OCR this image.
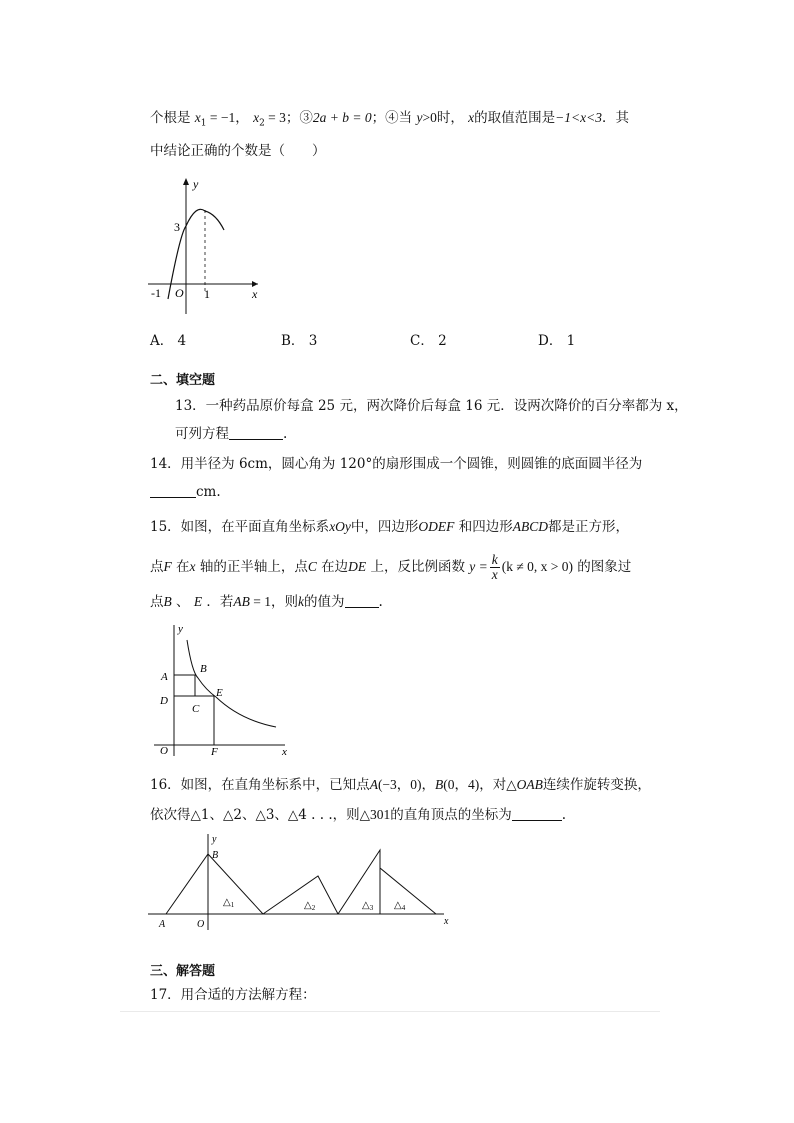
个根是 $x_1 = -1$， $x_2 = 3$；③2a + b = 0；④当 y>0时， x的取值范围是−1<x<3．其
中结论正确的个数是（　　）
y
x
3
-1 O 1
A． 4	B． 3	C． 2	D． 1
二、填空题
13．一种药品原价每盒 25 元，两次降价后每盒 16 元．设两次降价的百分率都为 x，
可列方程	.
14．用半径为 6cm，圆心角为 120°的扇形围成一个圆锥，则圆锥的底面圆半径为
cm.
15．如图，在平面直角坐标系xOy中，四边形ODEF 和四边形ABCD都是正方形，
点F 在x 轴的正半轴上，点C 在边DE 上，反比例函数 $y = \frac{k}{x} (k \ne 0$, x > 0) 的图象过
点B 、 E ．若AB = 1，则k的值为	.
y
x
O
A
B
C
D
E
F
16．如图，在直角坐标系中，已知点A(−3，0)，B(0，4)，对△OAB连续作旋转变换，
依次得△1、△2、△3、△4 . . .，则△301的直角顶点的坐标为	.
y
x
A	O
B
$\triangle_1$	$\triangle_2$	$\triangle_3$ $\triangle_4$
三、解答题
17．用合适的方法解方程：
